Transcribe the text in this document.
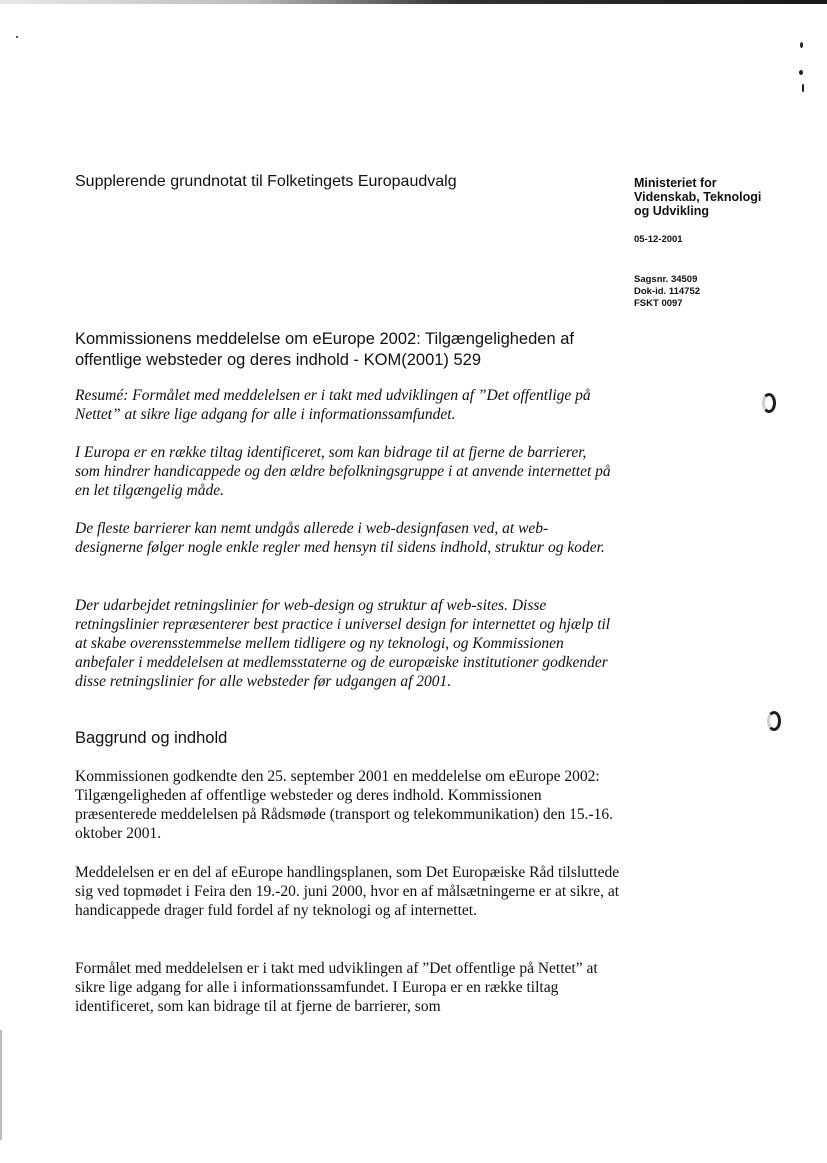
Supplerende grundnotat til Folketingets Europaudvalg	Ministeriet for
Videnskab, Teknologi
og Udvikling
05-12-2001
Sagsnr. 34509
Dok-id. 114752
FSKT 0097
Kommissionens meddelelse om eEurope 2002: Tilgængeligheden af
offentlige websteder og deres indhold - KOM(2001) 529
Resumé: Formålet med meddelelsen er i takt med udviklingen af ”Det offentlige på Nettet” at sikre lige adgang for alle i informationssamfundet.
I Europa er en række tiltag identificeret, som kan bidrage til at fjerne de barrierer, som hindrer handicappede og den ældre befolkningsgruppe i at anvende internettet på en let tilgængelig måde.
De fleste barrierer kan nemt undgås allerede i web-designfasen ved, at web-designerne følger nogle enkle regler med hensyn til sidens indhold, struktur og koder.
Der udarbejdet retningslinier for web-design og struktur af web-sites. Disse retningslinier repræsenterer best practice i universel design for internettet og hjælp til at skabe overensstemmelse mellem tidligere og ny teknologi, og Kommissionen anbefaler i meddelelsen at medlemsstaterne og de europæiske institutioner godkender disse retningslinier for alle websteder før udgangen af 2001.
Baggrund og indhold
Kommissionen godkendte den 25. september 2001 en meddelelse om eEurope 2002: Tilgængeligheden af offentlige websteder og deres indhold. Kommissionen præsenterede meddelelsen på Rådsmøde (transport og telekommunikation) den 15.-16. oktober 2001.
Meddelelsen er en del af eEurope handlingsplanen, som Det Europæiske Råd tilsluttede sig ved topmødet i Feira den 19.-20. juni 2000, hvor en af målsætningerne er at sikre, at handicappede drager fuld fordel af ny teknologi og af internettet.
Formålet med meddelelsen er i takt med udviklingen af ”Det offentlige på Nettet” at sikre lige adgang for alle i informationssamfundet. I Europa er en række tiltag identificeret, som kan bidrage til at fjerne de barrierer, som
